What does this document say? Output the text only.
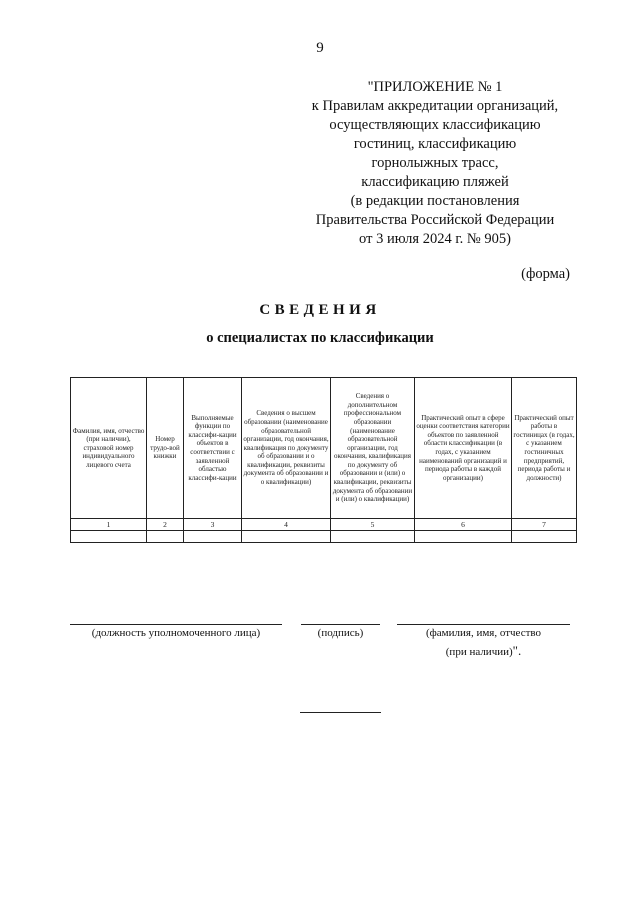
9
"ПРИЛОЖЕНИЕ № 1
к Правилам аккредитации организаций,
осуществляющих классификацию
гостиниц, классификацию
горнолыжных трасс,
классификацию пляжей
(в редакции постановления
Правительства Российской Федерации
от 3 июля 2024 г. № 905)
(форма)
СВЕДЕНИЯ
о специалистах по классификации
Фамилия, имя, отчество (при наличии), страховой номер индивидуального лицевого счета	Номер трудо-вой книжки	Выполняемые функции по классифи-кации объектов в соответствии с заявленной областью классифи-кации	Сведения о высшем образовании (наименование образовательной организации, год окончания, квалификация по документу об образовании и о квалификации, реквизиты документа об образовании и о квалификации)	Сведения о дополнительном профессиональном образовании (наименование образовательной организации, год окончания, квалификация по документу об образовании и (или) о квалификации, реквизиты документа об образовании и (или) о квалификации)	Практический опыт в сфере оценки соответствия категории объектов по заявленной области классификации (в годах, с указанием наименований организаций и периода работы в каждой организации)	Практический опыт работы в гостиницах (в годах, с указанием гостиничных предприятий, периода работы и должности)
1	2	3	4	5	6	7

(должность уполномоченного лица)	(подпись)	(фамилия, имя, отчество
(при наличии)".
